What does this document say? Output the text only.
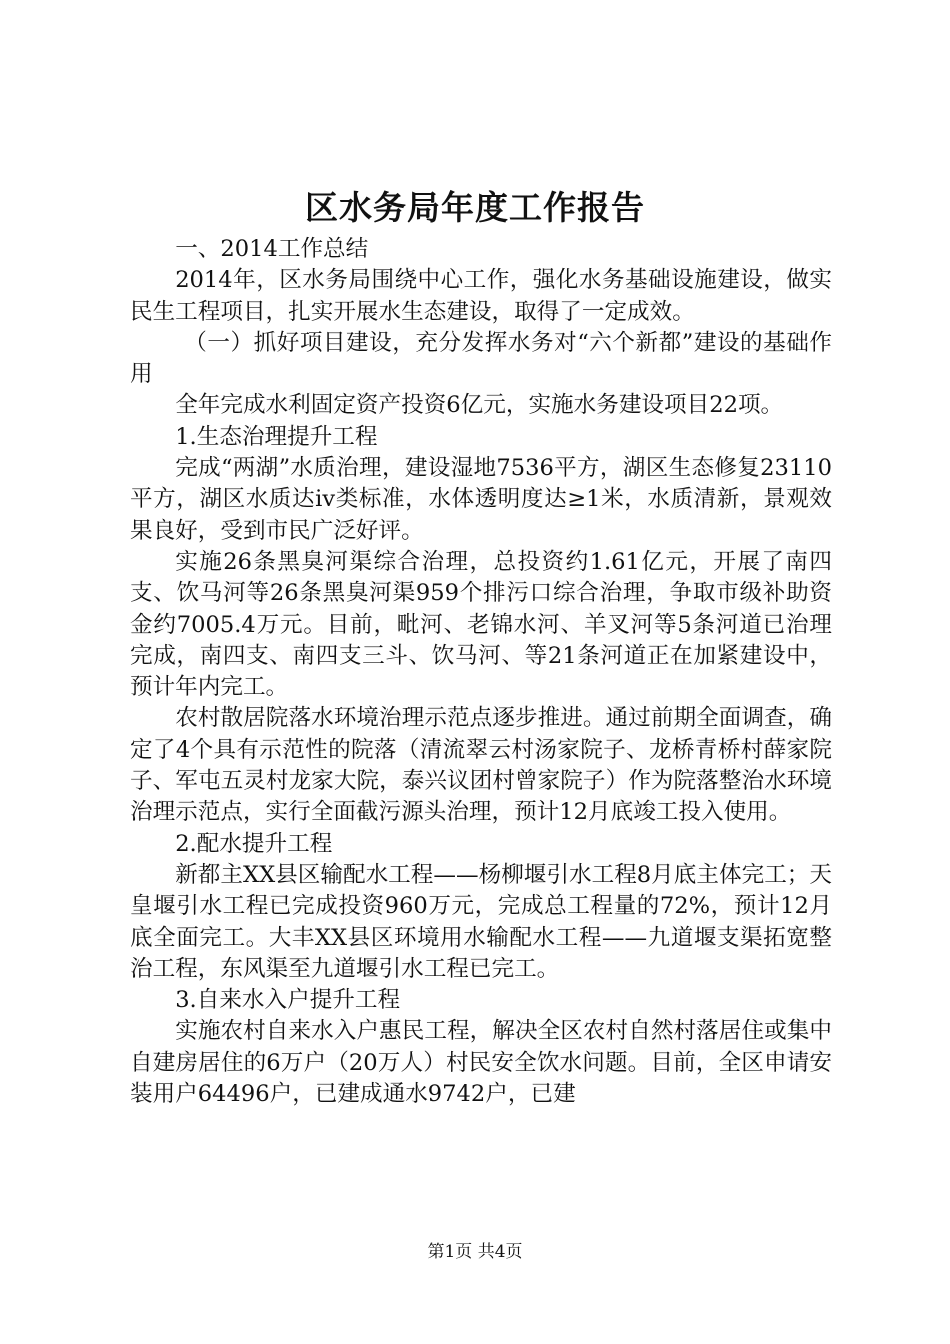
区水务局年度工作报告

一、2014工作总结

2014年，区水务局围绕中心工作，强化水务基础设施建设，做实民生工程项目，扎实开展水生态建设，取得了一定成效。

（一）抓好项目建设，充分发挥水务对“六个新都”建设的基础作用

全年完成水利固定资产投资6亿元，实施水务建设项目22项。

1.生态治理提升工程

完成“两湖”水质治理，建设湿地7536平方，湖区生态修复23110平方，湖区水质达ⅳ类标准，水体透明度达≥1米，水质清新，景观效果良好，受到市民广泛好评。

实施26条黑臭河渠综合治理，总投资约1.61亿元，开展了南四支、饮马河等26条黑臭河渠959个排污口综合治理，争取市级补助资金约7005.4万元。目前，毗河、老锦水河、羊叉河等5条河道已治理完成，南四支、南四支三斗、饮马河、等21条河道正在加紧建设中，预计年内完工。

农村散居院落水环境治理示范点逐步推进。通过前期全面调查，确定了4个具有示范性的院落（清流翠云村汤家院子、龙桥青桥村薛家院子、军屯五灵村龙家大院，泰兴议团村曾家院子）作为院落整治水环境治理示范点，实行全面截污源头治理，预计12月底竣工投入使用。

2.配水提升工程

新都主XX县区输配水工程——杨柳堰引水工程8月底主体完工；天皇堰引水工程已完成投资960万元，完成总工程量的72%，预计12月底全面完工。大丰XX县区环境用水输配水工程——九道堰支渠拓宽整治工程，东风渠至九道堰引水工程已完工。

3.自来水入户提升工程

实施农村自来水入户惠民工程，解决全区农村自然村落居住或集中自建房居住的6万户（20万人）村民安全饮水问题。目前，全区申请安装用户64496户，已建成通水9742户，已建

第1页 共4页
